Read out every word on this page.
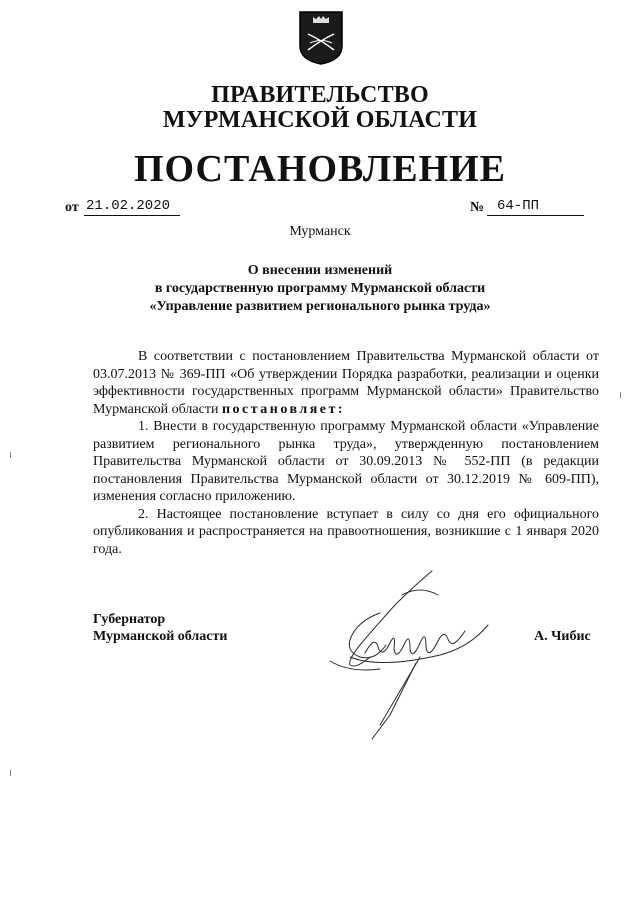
ПРАВИТЕЛЬСТВО
МУРМАНСКОЙ ОБЛАСТИ
ПОСТАНОВЛЕНИЕ
от 21.02.2020	№ 64-ПП
Мурманск
О внесении изменений
в государственную программу Мурманской области
«Управление развитием регионального рынка труда»

В соответствии с постановлением Правительства Мурманской области от 03.07.2013 № 369-ПП «Об утверждении Порядка разработки, реализации и оценки эффективности государственных программ Мурманской области» Правительство Мурманской области постановляет:

1. Внести в государственную программу Мурманской области «Управление развитием регионального рынка труда», утвержденную постановлением Правительства Мурманской области от 30.09.2013 № 552-ПП (в редакции постановления Правительства Мурманской области от 30.12.2019 № 609-ПП), изменения согласно приложению.

2. Настоящее постановление вступает в силу со дня его официального опубликования и распространяется на правоотношения, возникшие с 1 января 2020 года.

Губернатор
Мурманской области	А. Чибис
